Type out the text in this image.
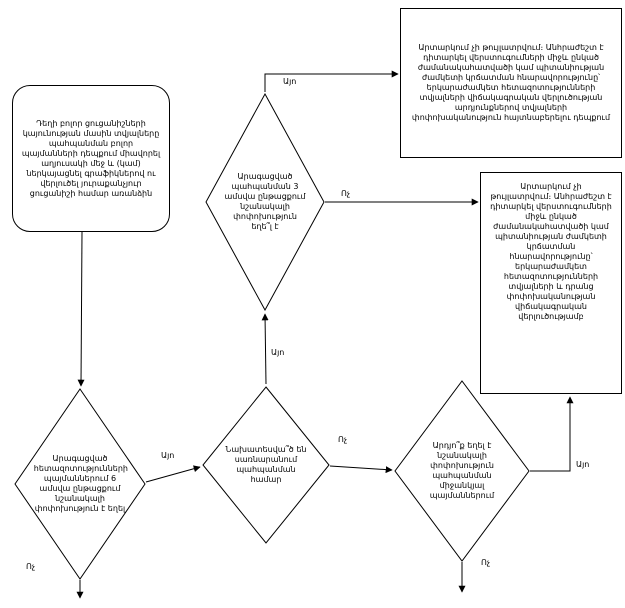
Դեղի բոլոր ցուցանիշների կայունության մասին տվյալները պահպանման բոլոր պայմանների դեպքում միավորել աղյուսակի մեջ և (կամ) ներկայացնել գրաֆիկներով ու վերլուծել յուրաքանչյուր ցուցանիշի համար առանձին
Արագացված պահպանման 3 ամսվա ընթացքում նշանակալի փոփոխություն եղե՞լ է
Արտարկում չի թույլատրվում։ Անհրաժեշտ է դիտարկել վերստուգումների միջև ընկած ժամանակահատվածի կամ պիտանիության ժամկետի կրճատման հնարավորությունը՝ երկարաժամկետ հետազոտությունների տվյալների վիճակագրական վերլուծության արդյունքներով տվյալների փոփոխականություն հայտնաբերելու դեպքում
Արտարկում չի թույլատրվում։ Անհրաժեշտ է դիտարկել վերստուգումների միջև ընկած ժամանակահատվածի կամ պիտանիության ժամկետի կրճատման հնարավորությունը՝ երկարաժամկետ հետազոտությունների տվյալների և դրանց փոփոխականության վիճակագրական վերլուծությամբ
Արագացված հետազոտությունների պայմաններում 6 ամսվա ընթացքում նշանակալի փոփոխություն է եղել
Նախատեսվա՞ծ են սառնարանում պահպանման համար
Արդյո՞ք եղել է նշանակալի փոփոխություն պահպանման միջանկյալ պայմաններում
Այո
Ոչ
Այո
Այո
Ոչ
Այո
Ոչ	Ոչ
